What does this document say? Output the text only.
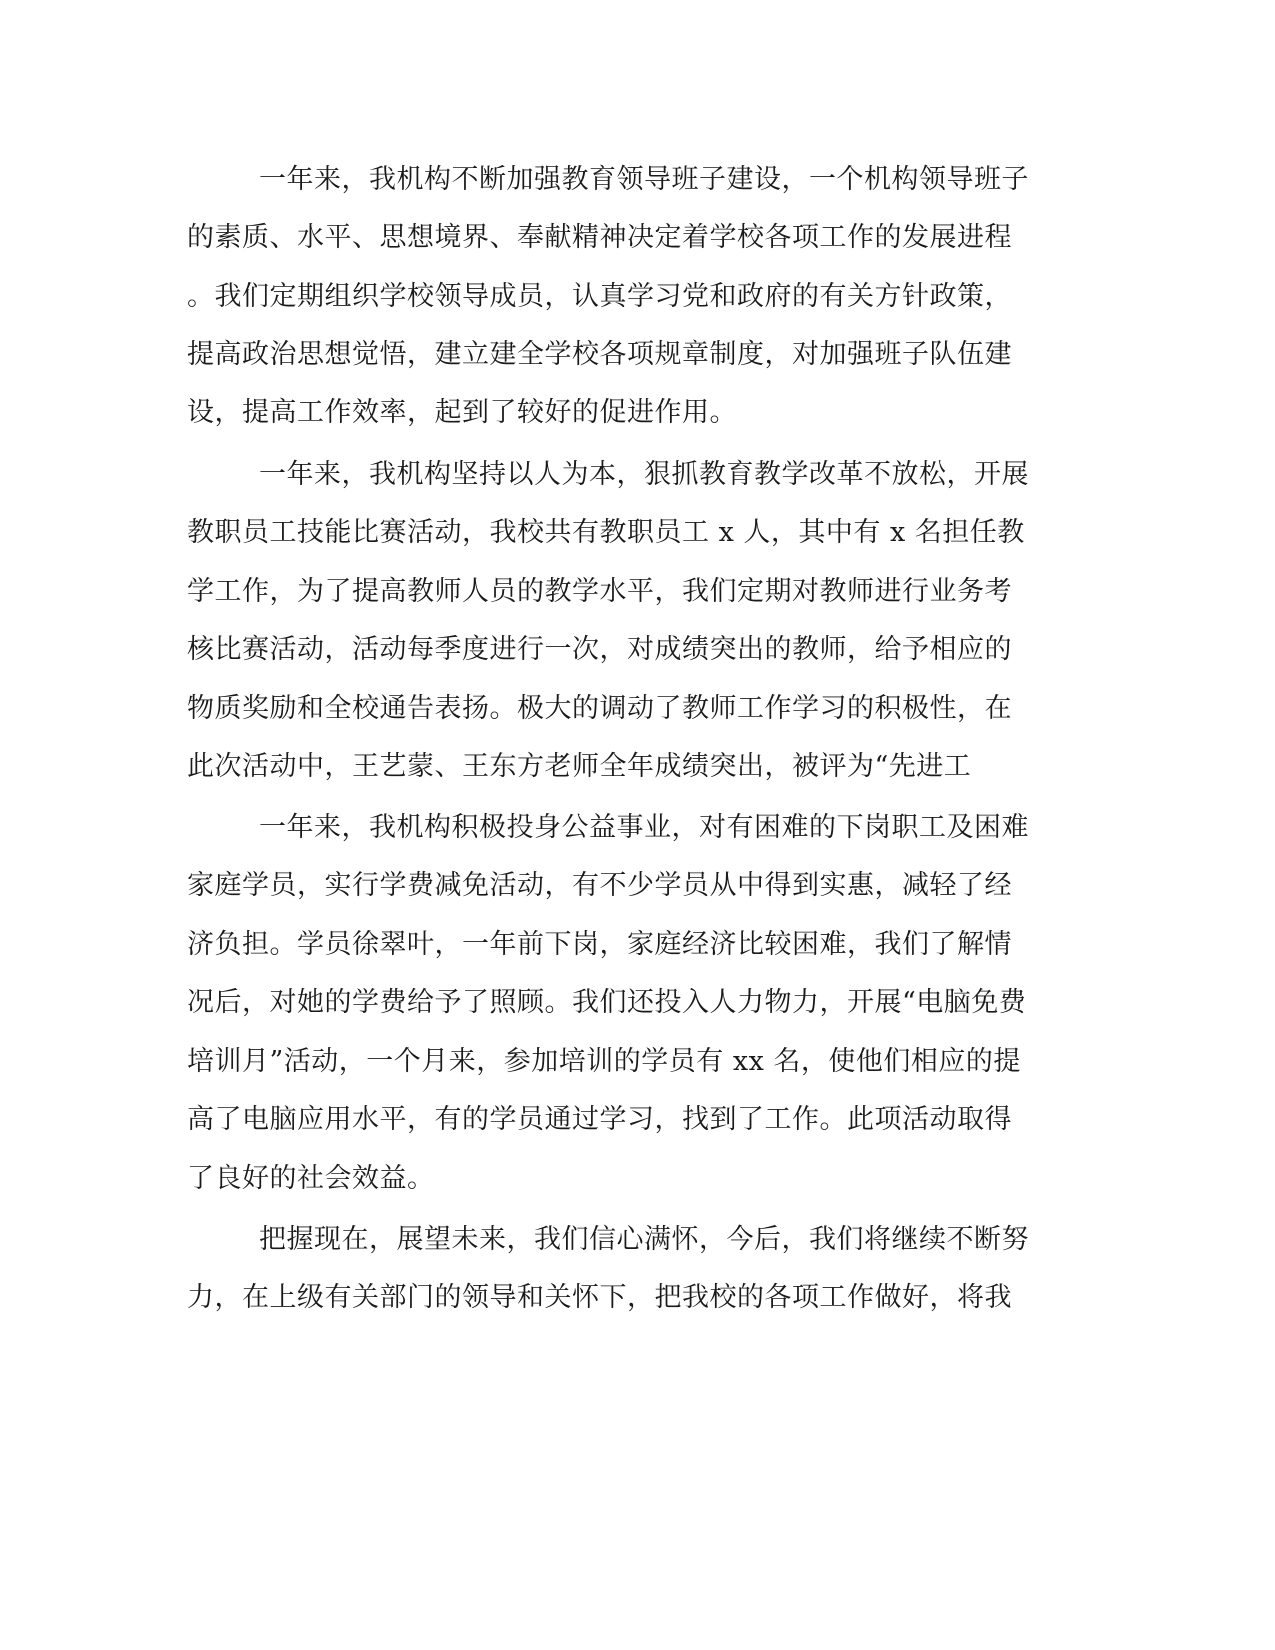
一年来，我机构不断加强教育领导班子建设，一个机构领导班子
的素质、水平、思想境界、奉献精神决定着学校各项工作的发展进程
。我们定期组织学校领导成员，认真学习党和政府的有关方针政策，
提高政治思想觉悟，建立建全学校各项规章制度，对加强班子队伍建
设，提高工作效率，起到了较好的促进作用。
一年来，我机构坚持以人为本，狠抓教育教学改革不放松，开展
教职员工技能比赛活动，我校共有教职员工 x 人，其中有 x 名担任教
学工作，为了提高教师人员的教学水平，我们定期对教师进行业务考
核比赛活动，活动每季度进行一次，对成绩突出的教师，给予相应的
物质奖励和全校通告表扬。极大的调动了教师工作学习的积极性，在
此次活动中，王艺蒙、王东方老师全年成绩突出，被评为“先进工
一年来，我机构积极投身公益事业，对有困难的下岗职工及困难
家庭学员，实行学费减免活动，有不少学员从中得到实惠，减轻了经
济负担。学员徐翠叶，一年前下岗，家庭经济比较困难，我们了解情
况后，对她的学费给予了照顾。我们还投入人力物力，开展“电脑免费
培训月”活动，一个月来，参加培训的学员有 xx 名，使他们相应的提
高了电脑应用水平，有的学员通过学习，找到了工作。此项活动取得
了良好的社会效益。
把握现在，展望未来，我们信心满怀，今后，我们将继续不断努
力，在上级有关部门的领导和关怀下，把我校的各项工作做好，将我
